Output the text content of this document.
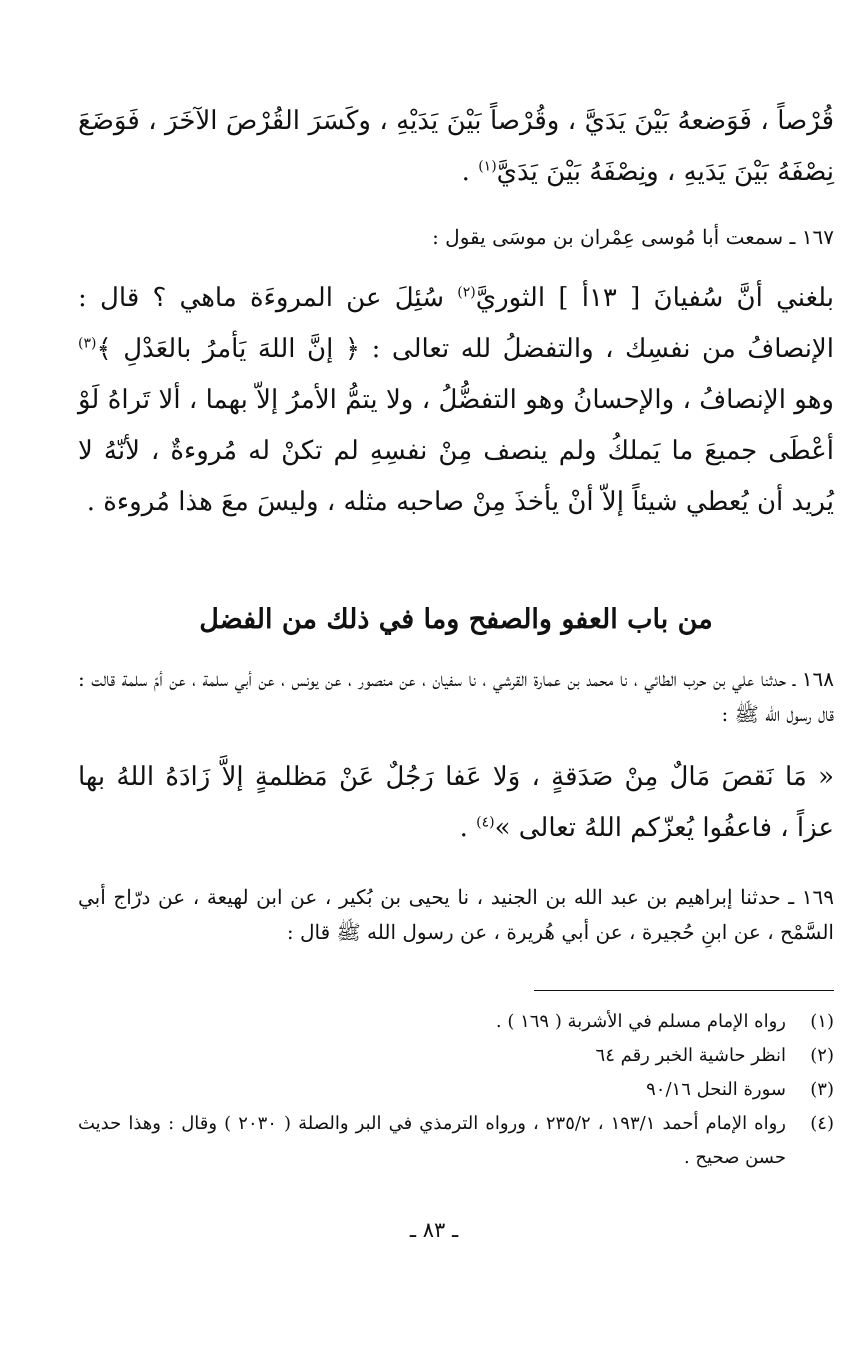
قُرْصاً ، فَوَضعهُ بَيْنَ يَدَيَّ ، وقُرْصاً بَيْنَ يَدَيْهِ ، وكَسَرَ القُرْصَ الآخَرَ ، فَوَضَعَ نِصْفَهُ بَيْنَ يَدَيهِ ، ونِصْفَهُ بَيْنَ يَدَيَّ$^{(١)}$ .

١٦٧ ـ سمعت أبا مُوسى عِمْران بن موسَى يقول :

بلغني أنَّ سُفيانَ [ ١٣أ ] الثوريَّ$^{(٢)}$ سُئِلَ عن المروءَة ماهي ؟ قال : الإنصافُ من نفسِك ، والتفضلُ لله تعالى : ﴿ إنَّ اللهَ يَأمرُ بالعَدْلِ ﴾$^{(٣)}$ وهو الإنصافُ ، والإحسانُ وهو التفضُّلُ ، ولا يتمُّ الأمرُ إلاّ بهما ، ألا تَراهُ لَوْ أعْطَى جميعَ ما يَملكُ ولم ينصف مِنْ نفسِهِ لم تكنْ له مُروءةٌ ، لأنّهُ لا يُريد أن يُعطي شيئاً إلاّ أنْ يأخذَ مِنْ صاحبه مثله ، وليسَ معَ هذا مُروءة .

من باب العفو والصفح وما في ذلك من الفضل

١٦٨ ـ حدثنا علي بن حرب الطائي ، نا محمد بن عمارة القرشي ، نا سفيان ، عن منصور ، عن يونس ، عن أبي سلمة ، عن أمّ سلمة قالت : قال رسول الله ﷺ :

« مَا نَقصَ مَالٌ مِنْ صَدَقةٍ ، وَلا عَفا رَجُلٌ عَنْ مَظلمةٍ إلاَّ زَادَهُ اللهُ بها عزاً ، فاعفُوا يُعزّكم اللهُ تعالى »$^{(٤)}$ .

١٦٩ ـ حدثنا إبراهيم بن عبد الله بن الجنيد ، نا يحيى بن بُكير ، عن ابن لهيعة ، عن درّاج أبي السَّمْح ، عن ابنِ حُجيرة ، عن أبي هُريرة ، عن رسول الله ﷺ قال :

(١)
رواه الإمام مسلم في الأشربة ( ١٦٩ ) .
(٢)
انظر حاشية الخبر رقم ٦٤
(٣)
سورة النحل ٩٠/١٦
(٤)
رواه الإمام أحمد ١٩٣/١ ، ٢٣٥/٢ ، ورواه الترمذي في البر والصلة ( ٢٠٣٠ ) وقال : وهذا حديث حسن صحيح .
ـ ٨٣ ـ
